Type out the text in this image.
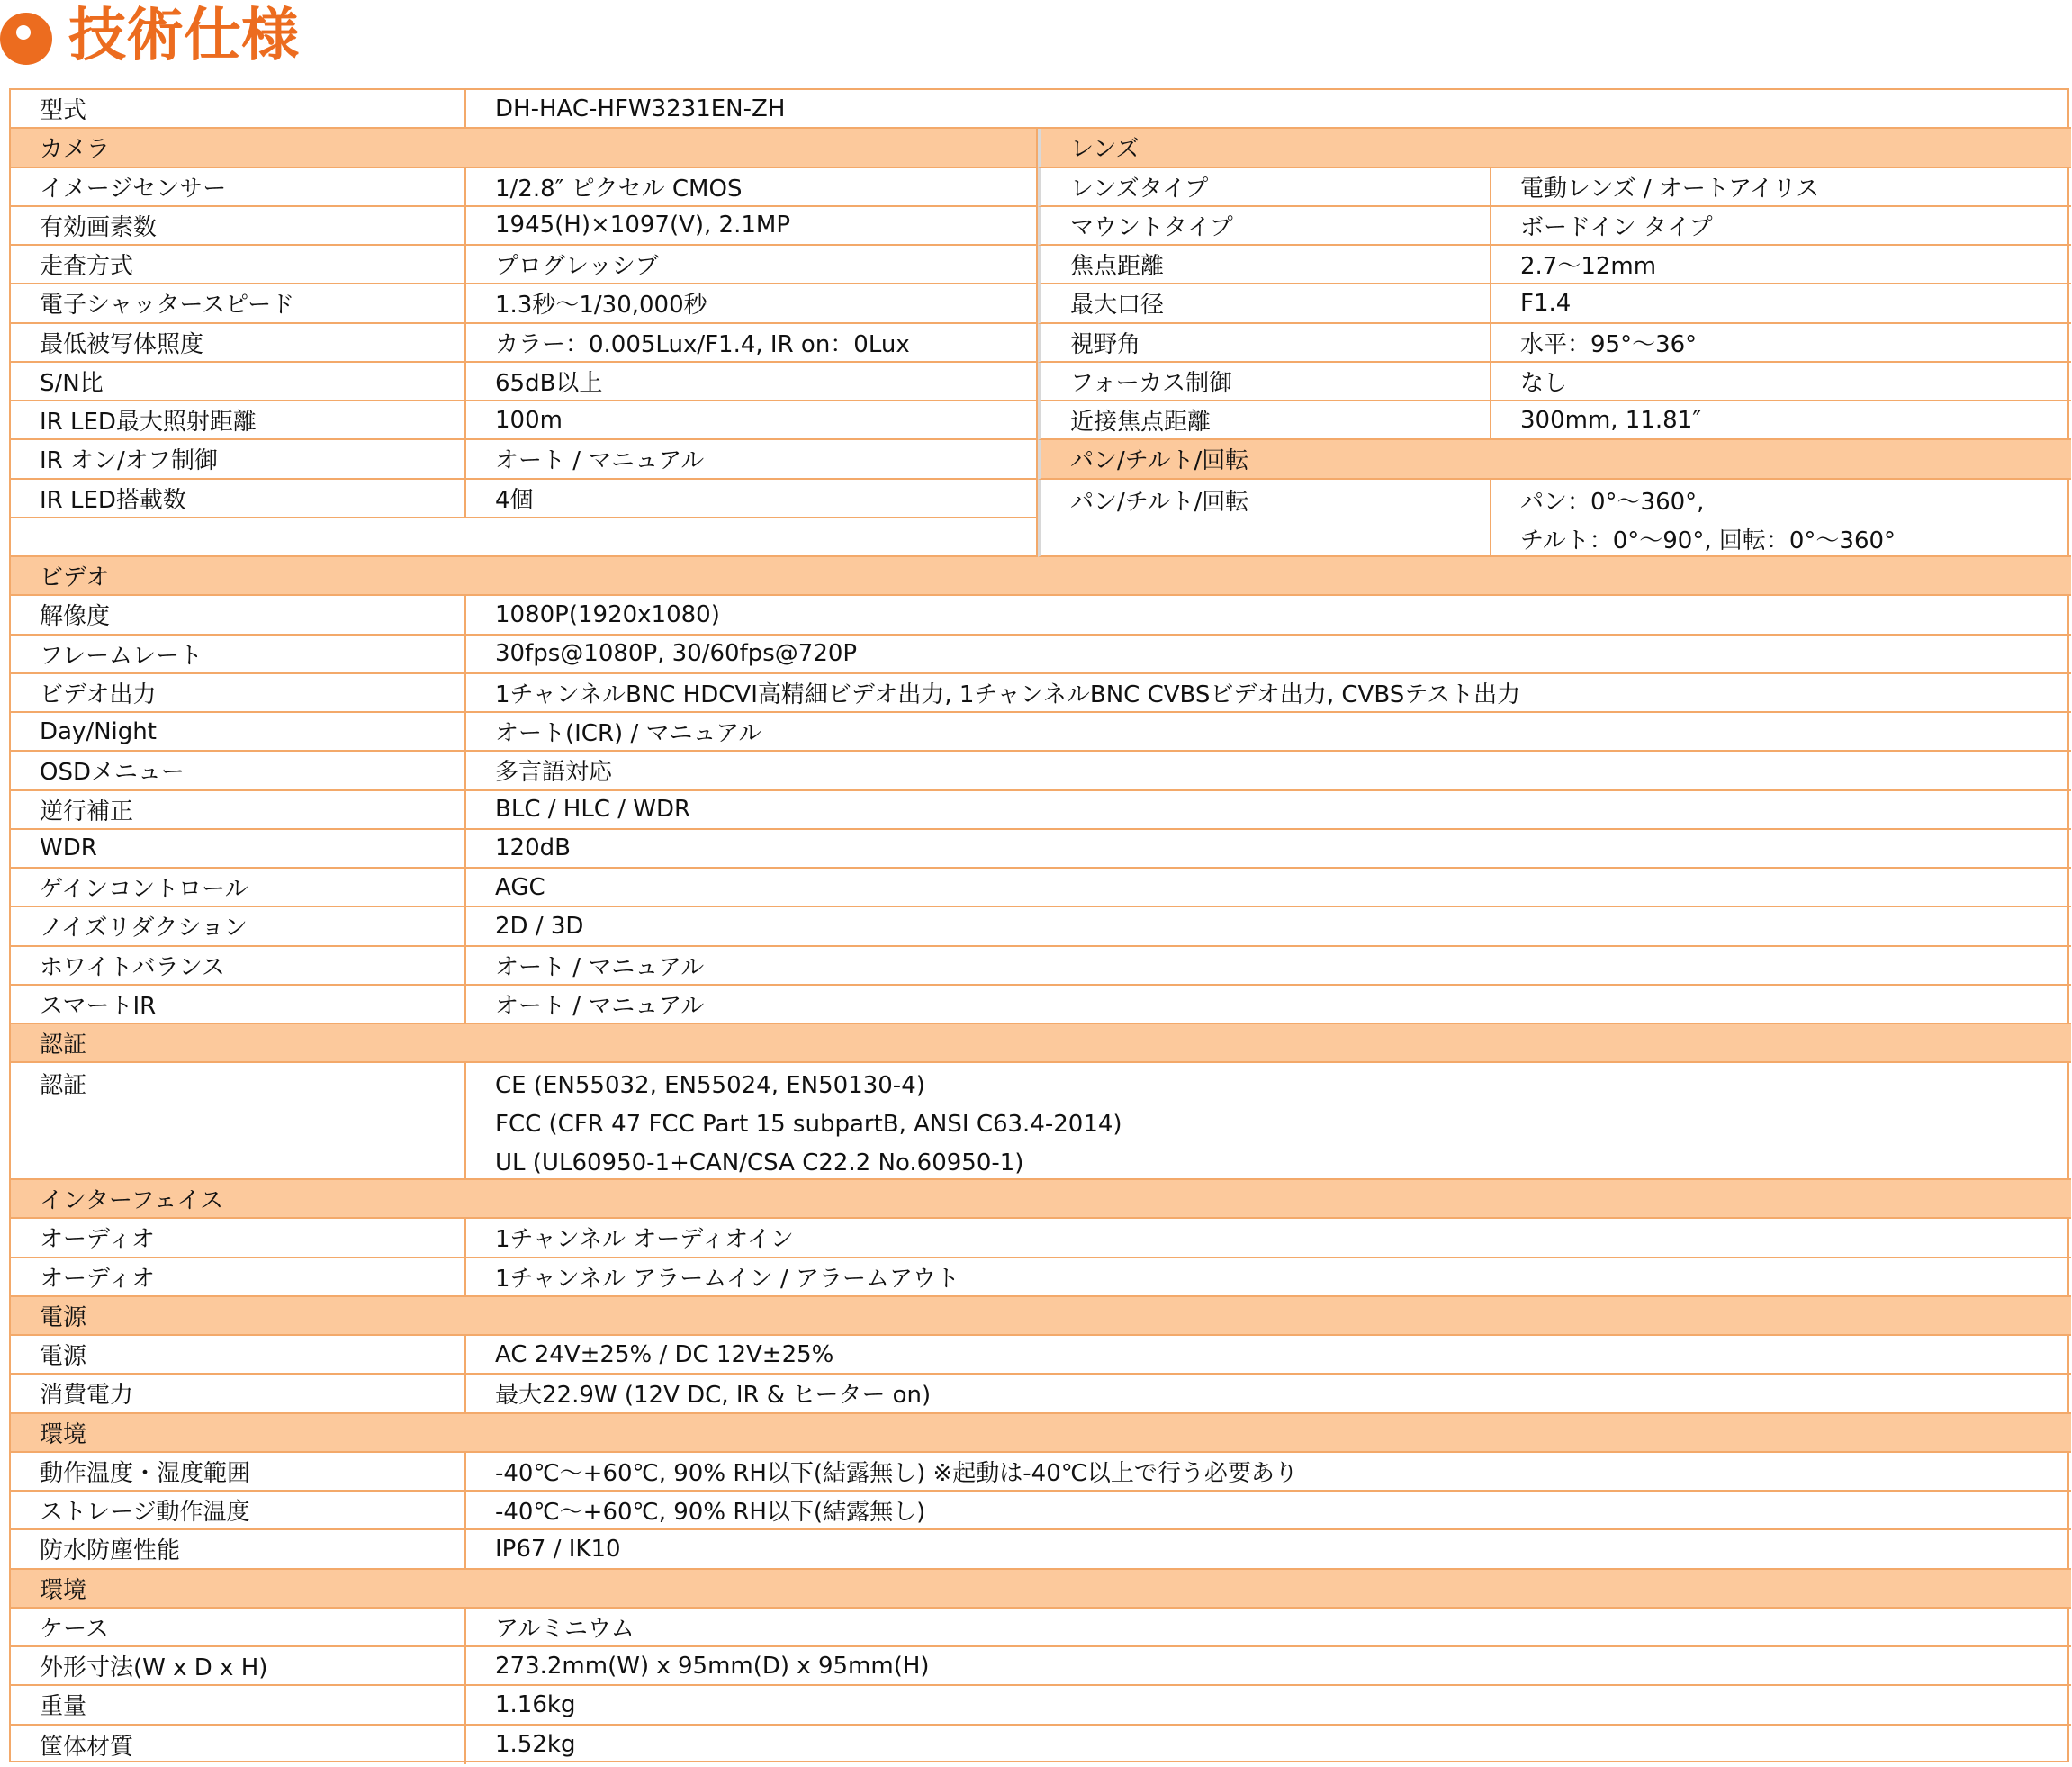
技術仕様
型式	DH-HAC-HFW3231EN-ZH
カメラ	レンズ
イメージセンサー	1/2.8″ ピクセル CMOS
有効画素数	1945(H)×1097(V), 2.1MP
走査方式	プログレッシブ
電子シャッタースピード	1.3秒～1/30,000秒
最低被写体照度	カラー：0.005Lux/F1.4, IR on：0Lux
S/N比	65dB以上
IR LED最大照射距離	100m
IR オン/オフ制御	オート / マニュアル
IR LED搭載数	4個
レンズタイプ	電動レンズ / オートアイリス
マウントタイプ	ボードイン タイプ
焦点距離	2.7～12mm
最大口径	F1.4
視野角	水平：95°～36°
フォーカス制御	なし
近接焦点距離	300mm, 11.81″
パン/チルト/回転
パン/チルト/回転	パン：0°～360°,
チルト：0°～90°, 回転：0°～360°
ビデオ
解像度	1080P(1920x1080)
フレームレート	30fps@1080P, 30/60fps@720P
ビデオ出力	1チャンネルBNC HDCVI高精細ビデオ出力, 1チャンネルBNC CVBSビデオ出力, CVBSテスト出力
Day/Night	オート(ICR) / マニュアル
OSDメニュー	多言語対応
逆行補正	BLC / HLC / WDR
WDR	120dB
ゲインコントロール	AGC
ノイズリダクション	2D / 3D
ホワイトバランス	オート / マニュアル
スマートIR	オート / マニュアル
認証
認証	CE (EN55032, EN55024, EN50130-4)
FCC (CFR 47 FCC Part 15 subpartB, ANSI C63.4-2014)
UL (UL60950-1+CAN/CSA C22.2 No.60950-1)
インターフェイス
オーディオ	1チャンネル オーディオイン
オーディオ	1チャンネル アラームイン / アラームアウト
電源
電源	AC 24V±25% / DC 12V±25%
消費電力	最大22.9W (12V DC, IR & ヒーター on)
環境
動作温度・湿度範囲	-40℃～+60℃, 90% RH以下(結露無し) ※起動は-40℃以上で行う必要あり
ストレージ動作温度	-40℃～+60℃, 90% RH以下(結露無し)
防水防塵性能	IP67 / IK10
環境
ケース	アルミニウム
外形寸法(W x D x H)	273.2mm(W) x 95mm(D) x 95mm(H)
重量	1.16kg
筐体材質	1.52kg
